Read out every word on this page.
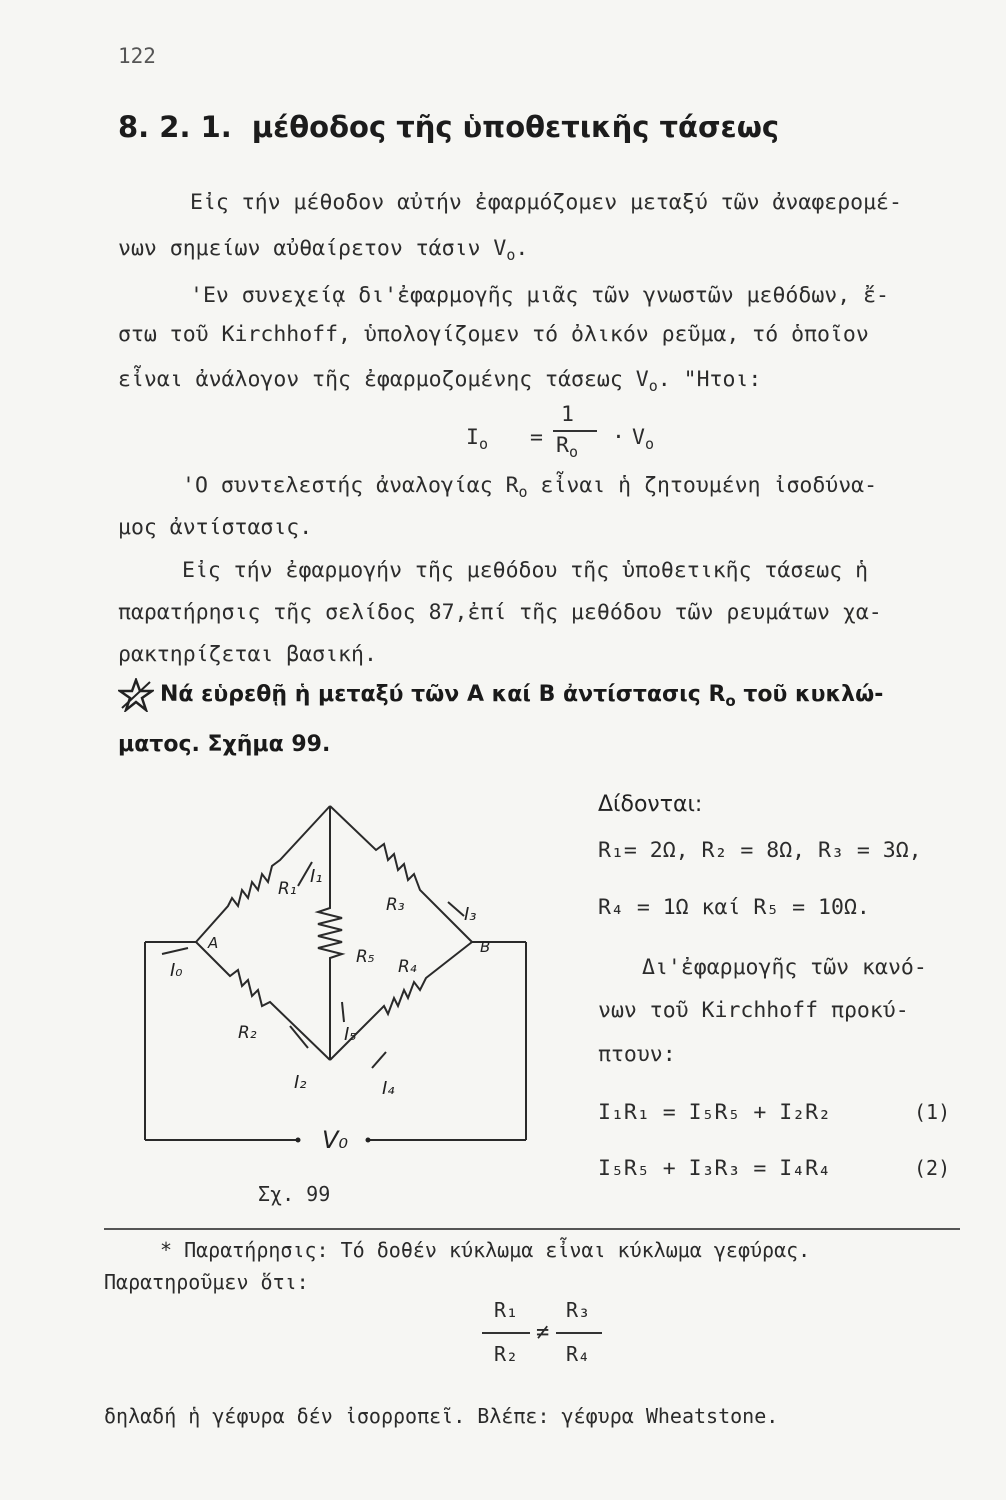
122
8. 2. 1. μέθοδος τῆς ὑποθετικῆς τάσεως
Εἰς τήν μέθοδον αὐτήν ἐφαρμόζομεν μεταξύ τῶν ἀναφερομέ-
νων σημείων αὐθαίρετον τάσιν $V_o$.
'Εν συνεχείᾳ δι'ἐφαρμογῆς μιᾶς τῶν γνωστῶν μεθόδων, ἔ-
στω τοῦ Kirchhoff, ὑπολογίζομεν τό ὀλικόν ρεῦμα, τό ὁποῖον
εἶναι ἀνάλογον τῆς ἐφαρμοζομένης τάσεως $V_o$. "Ητοι:
$I_o$ =
1
$R_o$
· $V_o$
'Ο συντελεστής ἀναλογίας $R_o$ εἶναι ἡ ζητουμένη ἰσοδύνα-
μος ἀντίστασις.
Εἰς τήν ἐφαρμογήν τῆς μεθόδου τῆς ὑποθετικῆς τάσεως ἡ
παρατήρησις τῆς σελίδος 87,ἐπί τῆς μεθόδου τῶν ρευμάτων χα-
ρακτηρίζεται βασική.
Νά εὑρεθῇ ἡ μεταξύ τῶν Α καί Β ἀντίστασις $R_o$ τοῦ κυκλώ-
ματος. Σχῆμα 99.
A	B
R₁
R₃
R₂
R₄
R₅
I₀
I₁
I₂
I₃
I₄
I₅
V₀
Σχ. 99
Δίδονται:
R₁= 2Ω, R₂ = 8Ω, R₃ = 3Ω,
R₄ = 1Ω καί R₅ = 10Ω.
Δι'ἐφαρμογῆς τῶν κανό-
νων τοῦ Kirchhoff προκύ-
πτουν:
I₁R₁ = I₅R₅ + I₂R₂	(1)
I₅R₅ + I₃R₃ = I₄R₄	(2)
* Παρατήρησις: Τό δοθέν κύκλωμα εἶναι κύκλωμα γεφύρας.
Παρατηροῦμεν ὅτι:
R₁
R₂
≠
R₃
R₄
δηλαδή ἡ γέφυρα δέν ἰσορροπεῖ. Βλέπε: γέφυρα Wheatstone.
